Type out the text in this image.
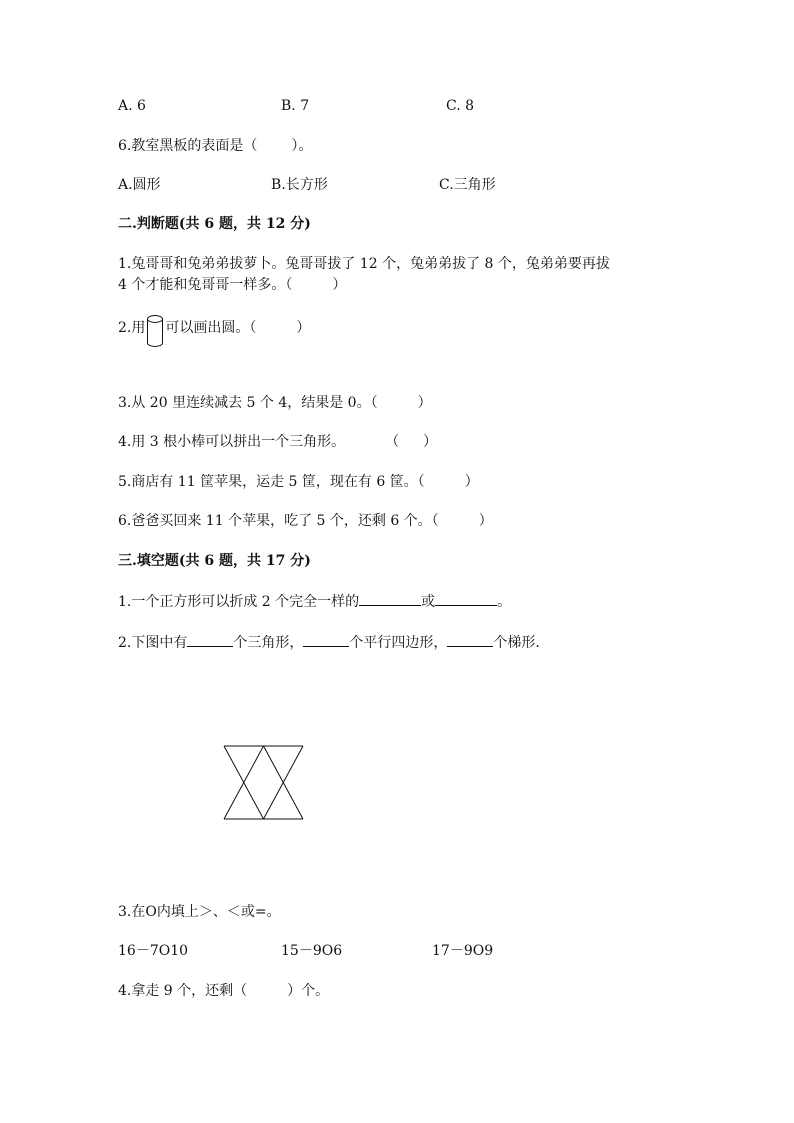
A. 6	B. 7	C. 8
6.教室黑板的表面是（ ）。
A.圆形	B.长方形	C.三角形
二.判断题(共 6 题，共 12 分)
1.兔哥哥和兔弟弟拔萝卜。兔哥哥拔了 12 个，兔弟弟拔了 8 个，兔弟弟要再拔
4 个才能和兔哥哥一样多。（	）
2.用 可以画出圆。（	）
3.从 20 里连续减去 5 个 4，结果是 0。（	）
4.用 3 根小棒可以拼出一个三角形。	（ ）
5.商店有 11 筐苹果，运走 5 筐，现在有 6 筐。（	）
6.爸爸买回来 11 个苹果，吃了 5 个，还剩 6 个。（	）
三.填空题(共 6 题，共 17 分)
1.一个正方形可以折成 2 个完全一样的	或	。
2.下图中有	个三角形，	个平行四边形，	个梯形.
3.在O内填上＞、＜或=。
16－7O10	15－9O6	17－9O9
4.拿走 9 个，还剩（	）个。
